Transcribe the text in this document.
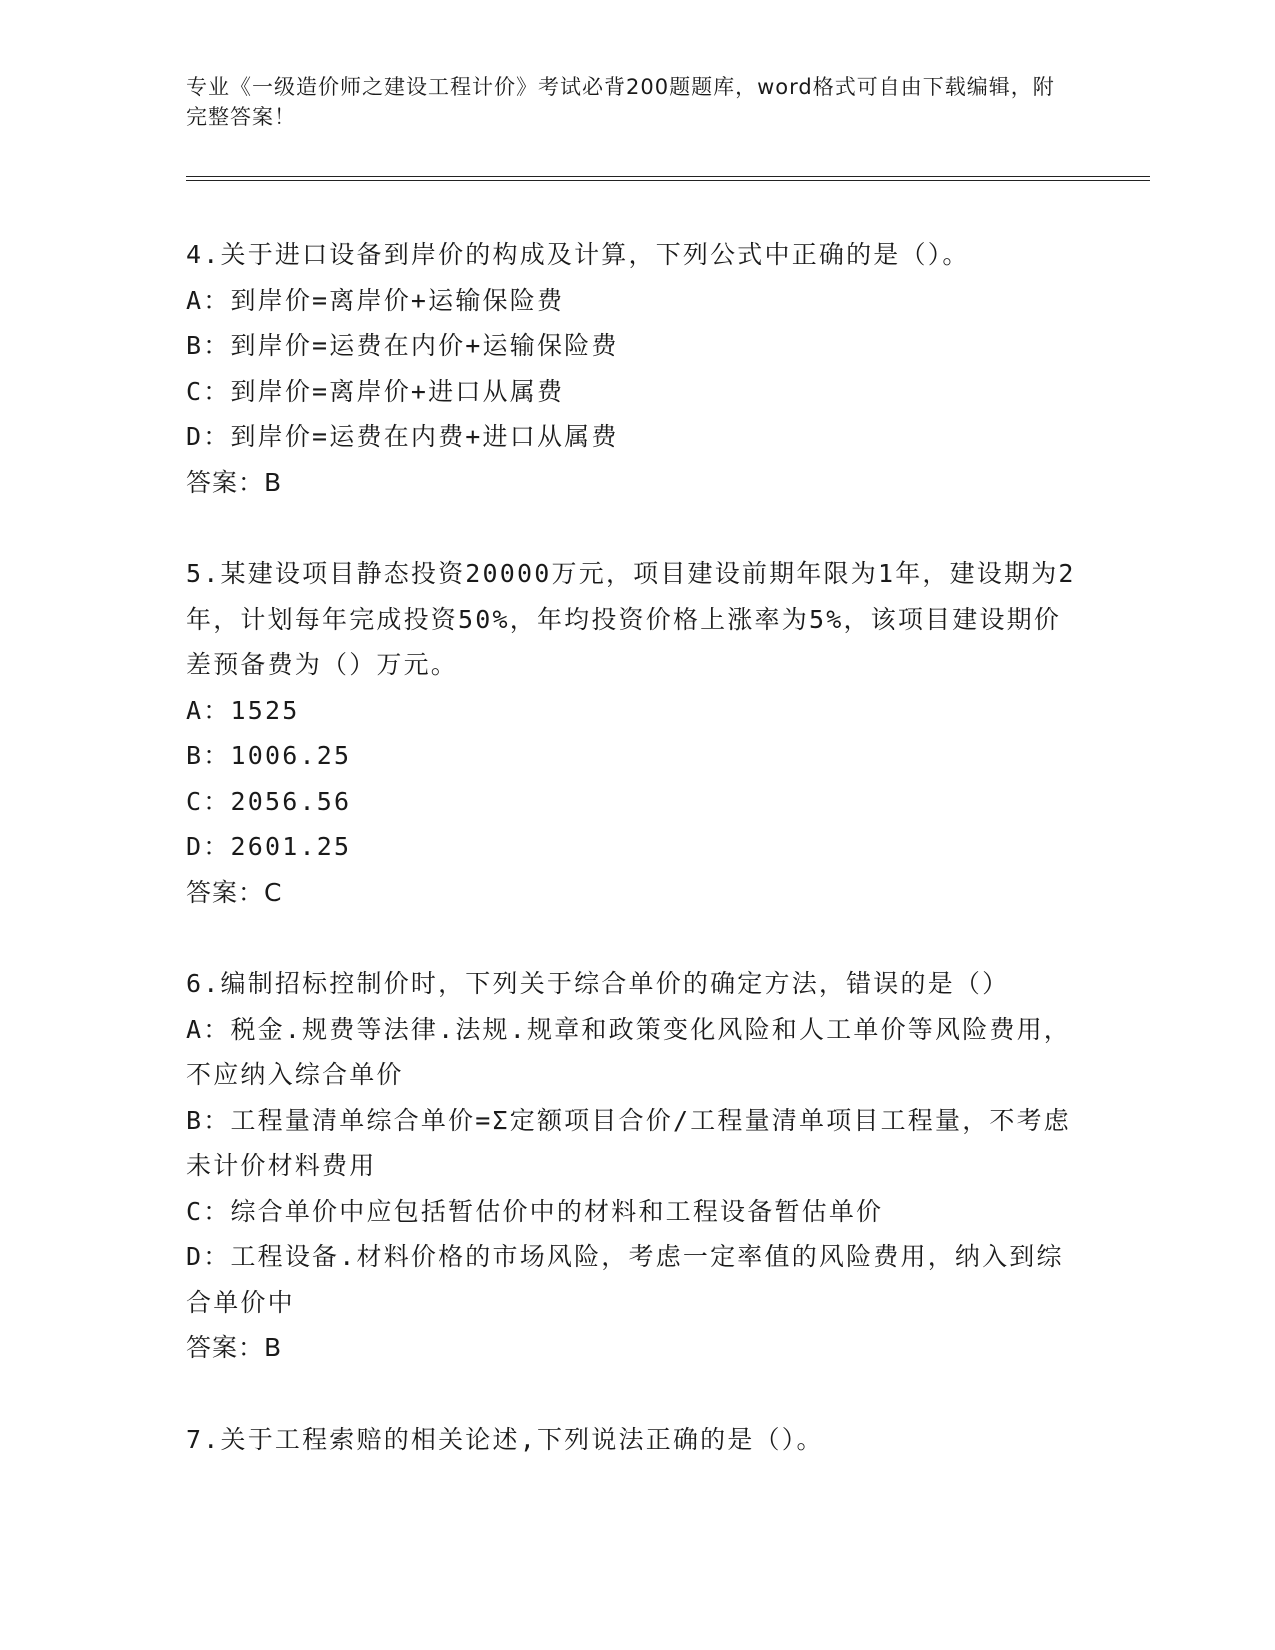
专业《一级造价师之建设工程计价》考试必背200题题库，word格式可自由下载编辑，附完整答案！
4.关于进口设备到岸价的构成及计算，下列公式中正确的是（）。
A：到岸价=离岸价+运输保险费
B：到岸价=运费在内价+运输保险费
C：到岸价=离岸价+进口从属费
D：到岸价=运费在内费+进口从属费
答案：B
5.某建设项目静态投资20000万元，项目建设前期年限为1年，建设期为2年，计划每年完成投资50%，年均投资价格上涨率为5%，该项目建设期价差预备费为（）万元。
A：1525
B：1006.25
C：2056.56
D：2601.25
答案：C
6.编制招标控制价时，下列关于综合单价的确定方法，错误的是（）
A：税金.规费等法律.法规.规章和政策变化风险和人工单价等风险费用，不应纳入综合单价
B：工程量清单综合单价=Σ定额项目合价/工程量清单项目工程量，不考虑未计价材料费用
C：综合单价中应包括暂估价中的材料和工程设备暂估单价
D：工程设备.材料价格的市场风险，考虑一定率值的风险费用，纳入到综合单价中
答案：B
7.关于工程索赔的相关论述,下列说法正确的是（）。
